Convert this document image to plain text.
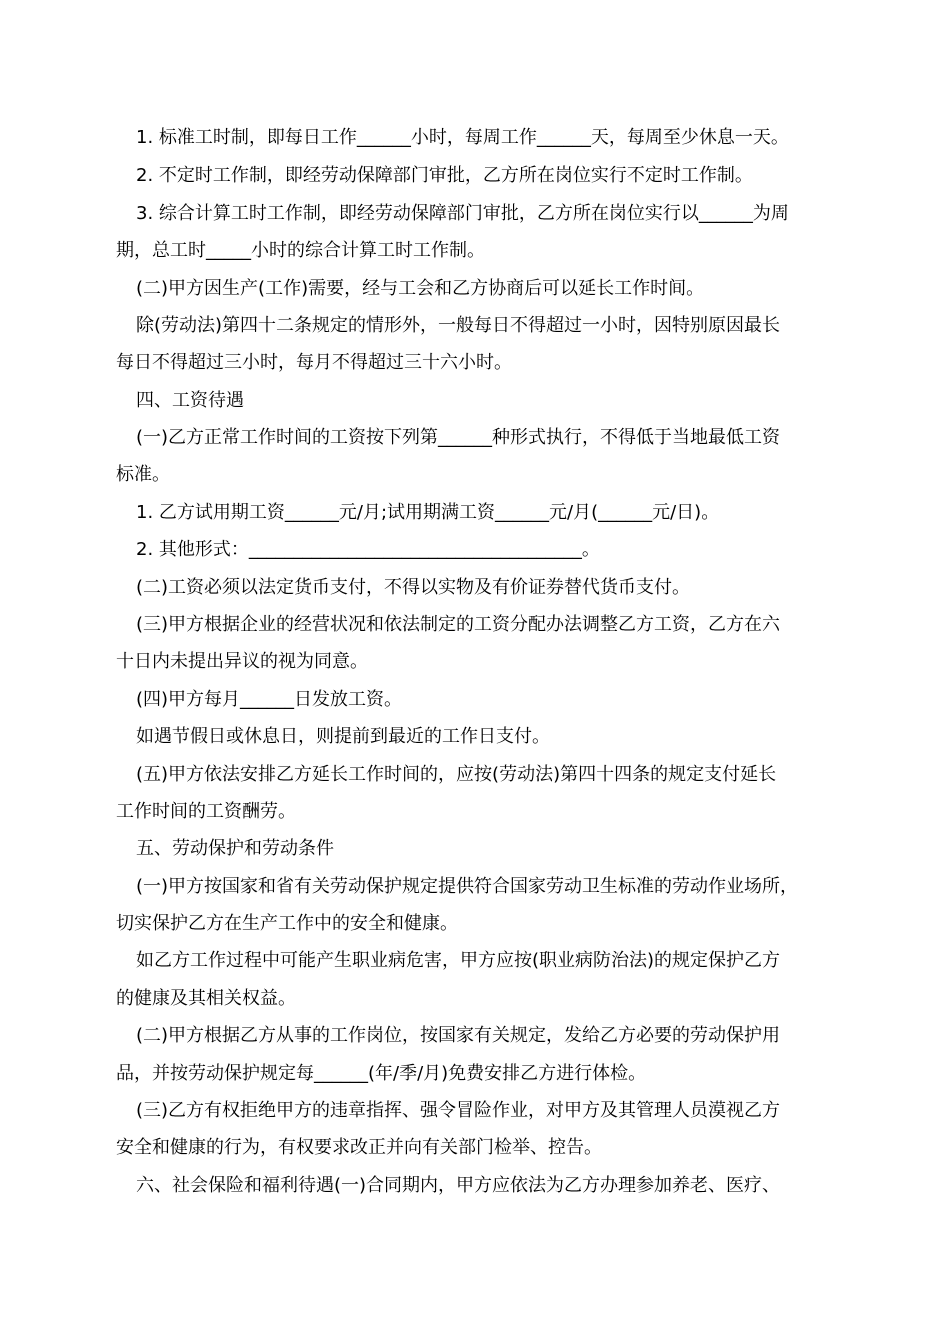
1. 标准工时制，即每日工作______小时，每周工作______天，每周至少休息一天。
2. 不定时工作制，即经劳动保障部门审批，乙方所在岗位实行不定时工作制。
3. 综合计算工时工作制，即经劳动保障部门审批，乙方所在岗位实行以______为周
期，总工时_____小时的综合计算工时工作制。
(二)甲方因生产(工作)需要，经与工会和乙方协商后可以延长工作时间。
除(劳动法)第四十二条规定的情形外，一般每日不得超过一小时，因特别原因最长
每日不得超过三小时，每月不得超过三十六小时。
四、工资待遇
(一)乙方正常工作时间的工资按下列第______种形式执行，不得低于当地最低工资
标准。
1. 乙方试用期工资______元/月;试用期满工资______元/月(______元/日)。
2. 其他形式：_____________________________________。
(二)工资必须以法定货币支付，不得以实物及有价证券替代货币支付。
(三)甲方根据企业的经营状况和依法制定的工资分配办法调整乙方工资，乙方在六
十日内未提出异议的视为同意。
(四)甲方每月______日发放工资。
如遇节假日或休息日，则提前到最近的工作日支付。
(五)甲方依法安排乙方延长工作时间的，应按(劳动法)第四十四条的规定支付延长
工作时间的工资酬劳。
五、劳动保护和劳动条件
(一)甲方按国家和省有关劳动保护规定提供符合国家劳动卫生标准的劳动作业场所，
切实保护乙方在生产工作中的安全和健康。
如乙方工作过程中可能产生职业病危害，甲方应按(职业病防治法)的规定保护乙方
的健康及其相关权益。
(二)甲方根据乙方从事的工作岗位，按国家有关规定，发给乙方必要的劳动保护用
品，并按劳动保护规定每______(年/季/月)免费安排乙方进行体检。
(三)乙方有权拒绝甲方的违章指挥、强令冒险作业，对甲方及其管理人员漠视乙方
安全和健康的行为，有权要求改正并向有关部门检举、控告。
六、社会保险和福利待遇(一)合同期内，甲方应依法为乙方办理参加养老、医疗、
